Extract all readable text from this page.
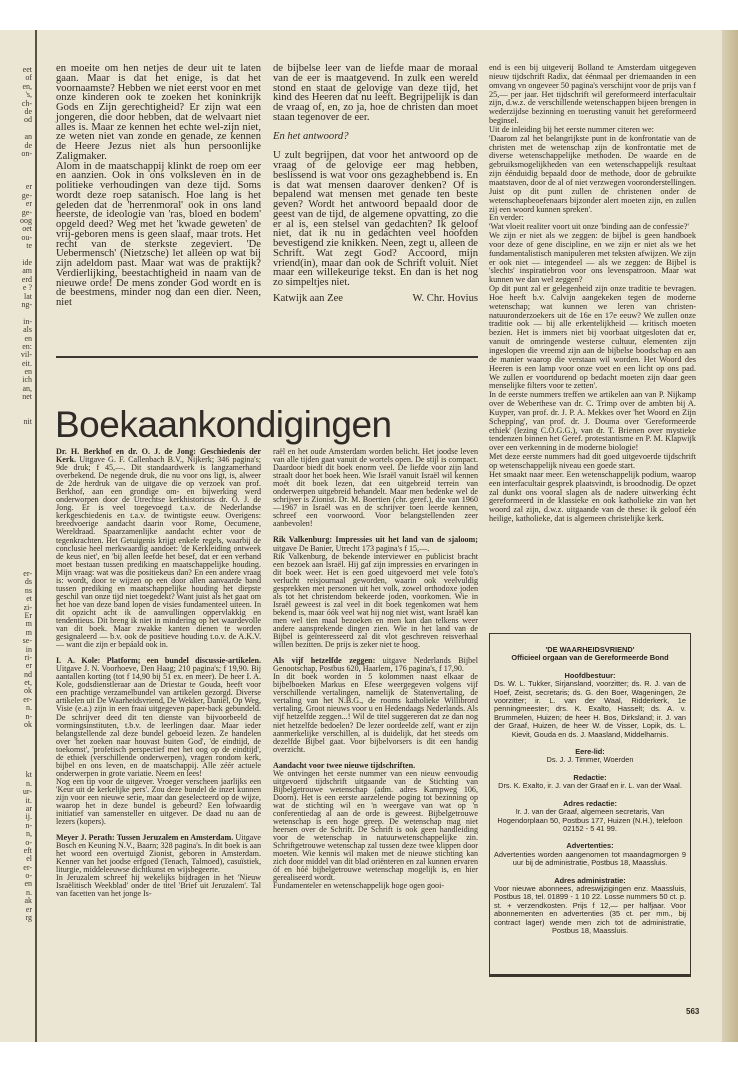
eet
of
en,
's,
ch-
de
od
an
de
on-
er
ge-
er
ge-
oog
oet
ou-
te
ide
am
erd
e ?
lat
ng-
in-
als
en
en:
vil-
eit.
en
ich
an,
net
nit
er-
ds
ns
et
zi-
Er
m
m
se-
in
ri-
er
nd
et,
ok
er-
n.
n-
ok
kt
n.
ur-
it.
ar
ij.
n-
n,
o-
eft
el
er-
o-
en
n.
ak
er
rg

en moeite om hen netjes de deur uit te laten gaan. Maar is dat het enige, is dat het voornaamste? Hebben we niet eerst voor en met onze kinderen ook te zoeken het koninkrijk Gods en Zijn gerechtigheid? Er zijn wat een jongeren, die door hebben, dat de welvaart niet alles is. Maar ze kennen het echte wel-zijn niet, ze weten niet van zonde en genade, ze kennen de Heere Jezus niet als hun persoonlijke Zaligmaker.

Alom in de maatschappij klinkt de roep om eer en aanzien. Ook in ons volksleven en in de politieke verhoudingen van deze tijd. Soms wordt deze roep satanisch. Hoe lang is het geleden dat de 'herrenmoral' ook in ons land heerste, de ideologie van 'ras, bloed en bodem' opgeld deed? Weg met het 'kwade geweten' de vrij-geboren mens is geen slaaf, maar trots. Het recht van de sterkste zegeviert. 'De Uebermensch' (Nietzsche) let alleen op wat bij zijn adeldom past. Maar wat was de praktijk? Verdierlijking, beestachtigheid in naam van de nieuwe orde! De mens zonder God wordt en is de beestmens, minder nog dan een dier. Neen, niet

de bijbelse leer van de liefde maar de moraal van de eer is maatgevend. In zulk een wereld stond en staat de gelovige van deze tijd, het kind des Heeren dat nu leeft. Begrijpelijk is dan de vraag of, en, zo ja, hoe de christen dan moet staan tegenover de eer.

En het antwoord?

U zult begrijpen, dat voor het antwoord op de vraag of de gelovige eer mag hebben, beslissend is wat voor ons gezaghebbend is. En is dat wat mensen daarover denken? Of is bepalend wat mensen met genade ten beste geven? Wordt het antwoord bepaald door de geest van de tijd, de algemene opvatting, zo die er al is, een stelsel van gedachten? Ik geloof niet, dat ik nu in gedachten veel hoofden bevestigend zie knikken. Neen, zegt u, alleen de Schrift. Wat zegt God? Accoord, mijn vriend(in), maar dan ook de Schrift voluit. Niet maar een willekeurige tekst. En dan is het nog zo simpeltjes niet.

Katwijk aan Zee	W. Chr. Hovius

end is een bij uitgeverij Bolland te Amsterdam uitgegeven nieuw tijdschrift Radix, dat éénmaal per driemaanden in een omvang vn ongeveer 50 pagina's verschijnt voor de prijs van f 25,— per jaar. Het tijdschrift wil gereformeerd interfacultair zijn, d.w.z. de verschillende wetenschappen bijeen brengen in wederzijdse bezinning en toerusting vanuit het gereformeerd beginsel.

Uit de inleiding bij het eerste nummer citeren we:

'Daarom zal het belangrijkste punt in de konfrontatie van de christen met de wetenschap zijn de konfrontatie met de diverse wetenschappelijke methoden. De waarde en de gebruiksmogelijkheden van een wetenschappelijk resultaat zijn éénduidig bepaald door de methode, door de gebruikte maatstaven, door de al of niet verzwegen vooronderstellingen. Juist op dit punt zullen de christenen onder de wetenschapbeoefenaars bijzonder alert moeten zijn, en zullen zij een woord kunnen spreken'.

En verder:

'Wat vloeit realiter voort uit onze 'binding aan de confessie?'

We zijn er niet als we zeggen: de bijbel is geen handboek voor deze of gene discipline, en we zijn er niet als we het fundamentalistisch manipuleren met teksten afwijzen. We zijn er ook niet — integendeel — als we zeggen: de Bijbel is 'slechts' inspiratiebron voor ons levenspatroon. Maar wat kunnen we dan wel zeggen?

Op dit punt zal er gelegenheid zijn onze traditie te bevragen. Hoe heeft b.v. Calvijn aangekeken tegen de moderne wetenschap; wat kunnen we leren van christen-natuuronderzoekers uit de 16e en 17e eeuw? We zullen onze traditie ook — bij alle erkentelijkheid — kritisch moeten bezien. Het is immers niet bij voorbaat uitgesloten dat er, vanuit de omringende westerse cultuur, elementen zijn ingeslopen die vreemd zijn aan de bijbelse boodschap en aan de manier waarop die verstaan wil worden. Het Woord des Heeren is een lamp voor onze voet en een licht op ons pad. We zullen er voortdurend op bedacht moeten zijn daar geen menselijke filters voor te zetten'.

In de eerste nummers treffen we artikelen aan van P. Nijkamp over de Weberthese van dr. C. Trimp over de ambten bij A. Kuyper, van prof. dr. J. P. A. Mekkes over 'het Woord en Zijn Schepping', van prof. dr. J. Douma over 'Gereformeerde ethiek' (lezing C.O.G.G.), van dr. T. Brienen over mystieke tendenzen binnen het Geref. protestantisme en P. M. Klapwijk over een verkenning in de moderne biologie!

Met deze eerste nummers had dit goed uitgevoerde tijdschrift op wetenschappelijk niveau een goede start.

Het smaakt naar meer. Een wetenschappelijk podium, waarop een interfacultair gesprek plaatsvindt, is broodnodig. De opzet zal dunkt ons vooral slagen als de nadere uitwerking écht gereformeerd in de klassieke en ook katholieke zin van het woord zal zijn, d.w.z. uitgaande van de these: ik geloof één heilige, katholieke, dat is algemeen christelijke kerk.

Boekaankondigingen

Dr. H. Berkhof en dr. O. J. de Jong: Geschiedenis der Kerk. Uitgave G. F. Callenbach B.V., Nijkerk; 346 pagina's; 9de druk; f 45,—. Dit standaardwerk is langzamerhand overbekend. De negende druk, die nu voor ons ligt, is, alweer de 2de herdruk van de uitgave die op verzoek van prof. Berkhof, aan een grondige om- en bijwerking werd onderworpen door de Utrechtse kerkhistoricus dr. O. J. de Jong. Er is veel toegevoegd t.a.v. de Nederlandse kerkgeschiedenis en t.a.v. de twintigste eeuw. Overigens: breedvoerige aandacht daarin voor Rome, Oecumene, Wereldraad. Spaarzamenlijke aandacht echter voor de tegenkrachten. Het Getuigenis krijgt enkele regels, waarbij de conclusie heel merkwaardig aandoet: 'de Kerkleiding ontweek de keus niet', en 'bij allen leefde het besef, dat er een verband moet bestaan tussen prediking en maatschappelijke houding. Mijn vraag: wat was die positiekeus dan? En een andere vraag is: wordt, door te wijzen op een door allen aanvaarde band tussen prediking en maatschappelijke houding het diepste geschil van onze tijd niet toegedekt? Want juist als het gaat om het hoe van deze band lopen de visies fundamenteel uiteen. In dit opzicht acht ik de aanvullingen oppervlakkig en tendentieus. Dit breng ik niet in mindering op het waardevolle van dit boek. Maar zwakke kanten dienen te worden gesignaleerd — b.v. ook de positieve houding t.o.v. de A.K.V. — want die zijn er bepáald ook in.

I. A. Kole: Platform; een bundel discussie-artikelen. Uitgave J. N. Voorhoeve, Den Haag; 210 pagina's; f 19,90. Bij aantallen korting (tot f 14,90 bij 51 ex. en meer). De heer I. A. Kole, godsdienstleraar aan de Driestar te Gouda, heeft voor een prachtige verzamelbundel van artikelen gezorgd. Diverse artikelen uit De Waarheidsvriend, De Wekker, Daniël, Op Weg, Visie (e.a.) zijn in een fraai uitgegeven paper-back gebundeld. De schrijver deed dit ten dienste van bijvoorbeeld de vormingsinstituten, t.b.v. de leerlingen daar. Maar ieder belangstellende zal deze bundel geboeid lezen. Ze handelen over 'het zoeken naar houvast buiten God', 'de eindtijd, de toekomst', 'profetisch perspectief met het oog op de eindtijd', de ethiek (verschillende onderwerpen), vragen rondom kerk, bijbel en ons leven, en de maatschappij. Alle zéér actuele onderwerpen in grote variatie. Neem en lees!

Nog een tip voor de uitgever. Vroeger verscheen jaarlijks een 'Keur uit de kerkelijke pers'. Zou deze bundel de inzet kunnen zijn voor een nieuwe serie, maar dan geselecteerd op de wijze, waarop het in deze bundel is gebeurd? Een lofwaardig initiatief van samensteller en uitgever. De daad nu aan de lezers (kopers).

Meyer J. Perath: Tussen Jeruzalem en Amsterdam. Uitgave Bosch en Keuning N.V., Baarn; 328 pagina's. In dit boek is aan het woord een overtuigd Zionist, geboren in Amsterdam. Kenner van het joodse erfgoed (Tenach, Talmoed), casuïstiek, liturgie, middeleeuwse dichtkunst en wijsbegeerte.

In Jeruzalem schreef hij wekelijks bijdragen in het 'Nieuw Israëlitisch Weekblad' onder de titel 'Brief uit Jeruzalem'. Tal van facetten van het jonge Is-

raël en het oude Amsterdam worden belicht. Het joodse leven van alle tijden gaat vanuit de wortels open. De stijl is compact. Daardoor biedt dit boek enorm veel. De liefde voor zijn land straalt door het boek heen. Wie Israël vanuit Israël wil kennen moét dit boek lezen, dat een uitgebreid terrein van onderwerpen uitgebreid behandelt. Maar men bedenke wel de schrijver is Zionist. Dr. M. Boertien (chr. geref.), die van 1960—1967 in Israël was en de schrijver toen leerde kennen, schreef een voorwoord. Voor belangstellenden zeer aanbevolen!

Rik Valkenburg: Impressies uit het land van de sjaloom; uitgave De Banier, Utrecht 173 pagina's f 15,—.

Rik Valkenburg, de bekende interviewer en publicist bracht een bezoek aan Israël. Hij gaf zijn impressies en ervaringen in dit boek weer. Het is een goed uitgevoerd met vele foto's verlucht reisjournaal geworden, waarin ook veelvuldig gesprekken met personen uit het volk, zowel orthodoxe joden als tot het christendom bekeerde joden, voorkomen. Wie in Israël geweest is zal veel in dit boek tegenkomen wat hem bekend is, maar óók veel wat hij nog niet wist, want Israël kan men wel tien maal bezoeken en men kan dan telkens weer andere aansprekende dingen zien. Wie in het land van de Bijbel is geïnteresseerd zal dit vlot geschreven reisverhaal willen bezitten. De prijs is zeker niet te hoog.

Als vijf hetzelfde zeggen: uitgave Nederlands Bijbel Genootschap, Postbus 620, Haarlem, 176 pagina's, f 17,90.

In dit boek worden in 5 kolommen naast elkaar de bijbelboeken Markus en Efese weergegeven volgens vijf verschillende vertalingen, namelijk de Statenvertaling, de vertaling van het N.B.G., de rooms katholieke Willibrord vertaling. Groot nieuws voor u en Hedendaags Nederlands. Als vijf hetzelfde zeggen...! Wil de titel suggereren dat ze dan nog niet hetzelfde bedoelen? De lezer oordeelde zelf, want er zijn aanmerkelijke verschillen, al is duidelijk, dat het steeds om dezelfde Bijbel gaat. Voor bijbelvorsers is dit een handig overzicht.

Aandacht voor twee nieuwe tijdschriften.

We ontvingen het eerste nummer van een nieuw eenvoudig uitgevoerd tijdschrift uitgaande van de Stichting van Bijbelgetrouwe wetenschap (adm. adres Kampweg 106, Doorn). Het is een eerste aarzelende poging tot bezinning op wat de stichting wil en 'n weergave van wat op 'n conferentiedag al aan de orde is geweest. Bijbelgetrouwe wetenschap is een hoge greep. De wetenschap mag niet heersen over de Schrift. De Schrift is ook geen handleiding voor de wetenschap in natuurwetenschappelijke zin. Schriftgetrouwe wetenschap zal tussen deze twee klippen door moeten. Wie kennis wil maken met de nieuwe stichting kan zich door middel van dit blad oriënteren en zal kunnen ervaren óf en hóé bijbelgetrouwe wetenschap mogelijk is, en hier gerealiseerd wordt.

Fundamenteler en wetenschappelijk hoge ogen gooi-

'DE WAARHEIDSVRIEND'
Officieel orgaan van de Gereformeerde Bond
Hoofdbestuur:
Ds. W. L. Tukker, Sirjansland, voorzitter; ds. R. J. van de Hoef, Zeist, secretaris; ds. G. den Boer, Wageningen, 2e voorzitter; ir. L. van der Waal, Ridderkerk, 1e penningmeester; drs. K. Exalto, Hasselt; ds. A. v. Brummelen, Huizen; de heer H. Bos, Dirksland; ir. J. van der Graaf, Huizen, de heer W. de Visser, Lopik, ds. L. Kievit, Gouda en ds. J. Maasland, Middelharnis.
Eere-lid:
Ds. J. J. Timmer, Woerden
Redactie:
Drs. K. Exalto, ir. J. van der Graaf en ir. L. van der Waal.
Adres redactie:
Ir. J. van der Graaf, algemeen secretaris, Van Hogendorplaan 50, Postbus 177, Huizen (N.H.), telefoon 02152 - 5 41 99.
Advertenties:
Advertenties worden aangenomen tot maandagmorgen 9 uur bij de administratie, Postbus 18, Maassluis.
Adres administratie:
Voor nieuwe abonnees, adreswijzigingen enz. Maassluis, Postbus 18, tel. 01899 - 1 10 22. Losse nummers 50 ct. p. st. + verzendkosten. Prijs f 12,— per halfjaar. Voor abonnementen en advertenties (35 ct. per mm., bij contract lager) wende men zich tot de administratie, Postbus 18, Maassluis.
563
